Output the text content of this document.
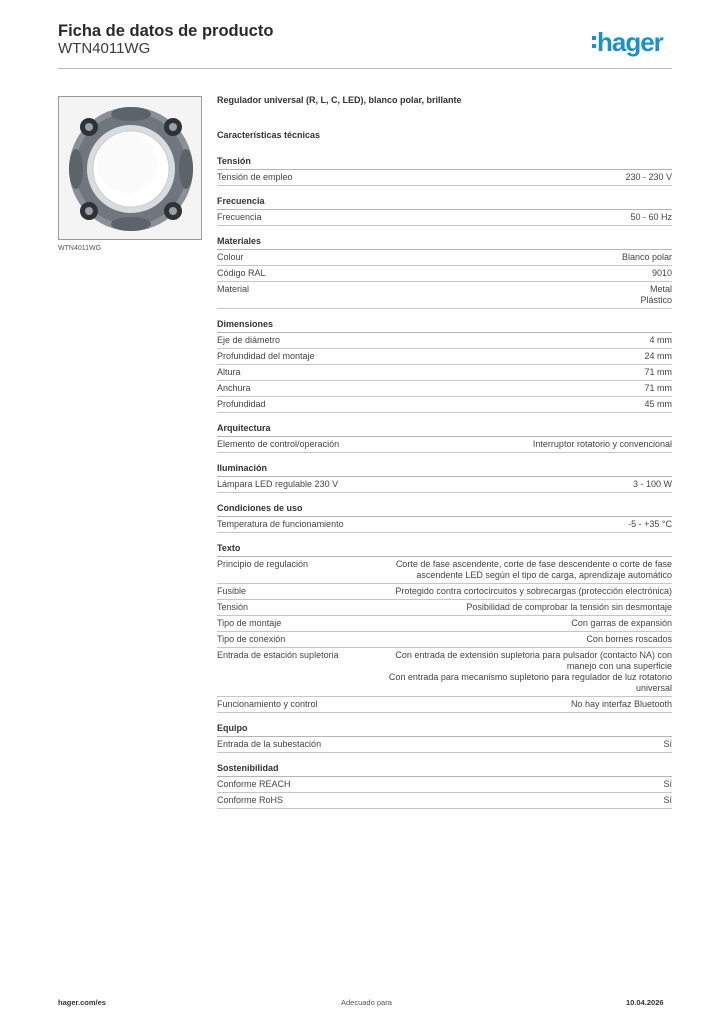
Ficha de datos de producto
WTN4011WG	hager
WTN4011WG
Regulador universal (R, L, C, LED), blanco polar, brillante
Características técnicas
Tensión
Tensión de empleo	230 - 230 V
Frecuencia
Frecuencia	50 - 60 Hz
Materiales
Colour	Blanco polar
Código RAL	9010
Material	Metal
Plástico
Dimensiones
Eje de diámetro	4 mm
Profundidad del montaje	24 mm
Altura	71 mm
Anchura	71 mm
Profundidad	45 mm
Arquitectura
Elemento de control/operación	Interruptor rotatorio y convencional
Iluminación
Lámpara LED regulable 230 V	3 - 100 W
Condiciones de uso
Temperatura de funcionamiento	-5 - +35 °C
Texto
Principio de regulación	Corte de fase ascendente, corte de fase descendente o corte de fase
ascendente LED según el tipo de carga, aprendizaje automático
Fusible	Protegido contra cortocircuitos y sobrecargas (protección electrónica)
Tensión	Posibilidad de comprobar la tensión sin desmontaje
Tipo de montaje	Con garras de expansión
Tipo de conexión	Con bornes roscados
Entrada de estación supletoria	Con entrada de extensión supletoria para pulsador (contacto NA) con
manejo con una superficie
Con entrada para mecanismo supletorio para regulador de luz rotatorio
universal
Funcionamiento y control	No hay interfaz Bluetooth
Equipo
Entrada de la subestación	Sí
Sostenibilidad
Conforme REACH	Sí
Conforme RoHS	Sí
hager.com/es	Adecuado para	10.04.2026
